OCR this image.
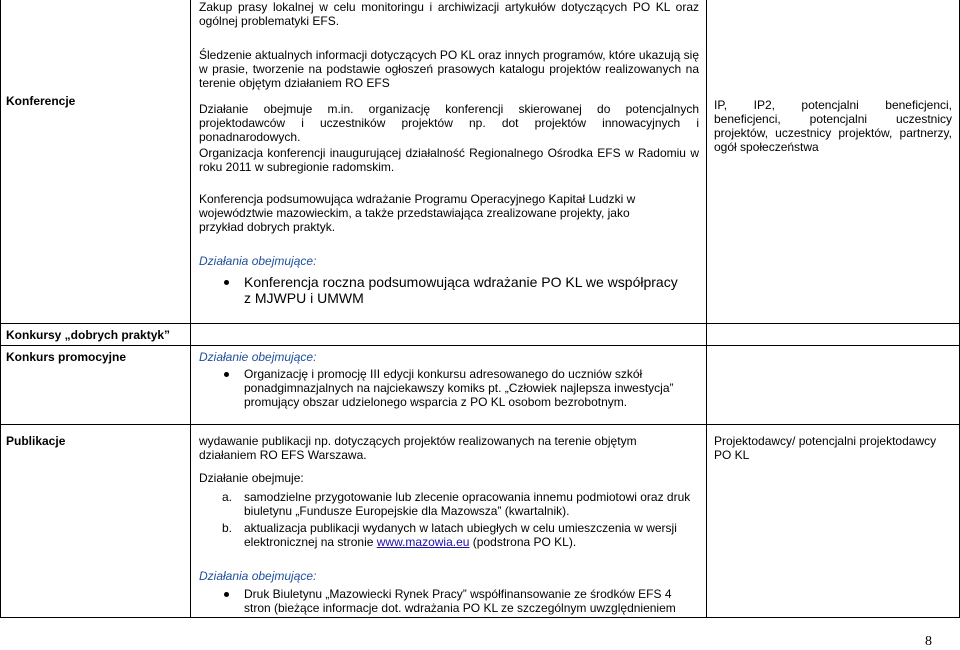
Konferencje

Zakup prasy lokalnej w celu monitoringu i archiwizacji artykułów dotyczących PO KL oraz ogólnej problematyki EFS.

Śledzenie aktualnych informacji dotyczących PO KL oraz innych programów, które ukazują się w prasie, tworzenie na podstawie ogłoszeń prasowych katalogu projektów realizowanych na terenie objętym działaniem RO EFS

Działanie obejmuje m.in. organizację konferencji skierowanej do potencjalnych projektodawców i uczestników projektów np. dot projektów innowacyjnych i ponadnarodowych.

Organizacja konferencji inaugurującej działalność Regionalnego Ośrodka EFS w Radomiu w roku 2011 w subregionie radomskim.

Konferencja podsumowująca wdrażanie Programu Operacyjnego Kapitał Ludzki w województwie mazowieckim, a także przedstawiająca zrealizowane projekty, jako przykład dobrych praktyk.

Działania obejmujące:

Konferencja roczna podsumowująca wdrażanie PO KL we współpracy z MJWPU i UMWM

IP, IP2, potencjalni beneficjenci, beneficjenci, potencjalni uczestnicy projektów, uczestnicy projektów, partnerzy, ogół społeczeństwa

Konkursy „dobrych praktyk”

Konkurs promocyjne	Działanie obejmujące:

Organizację i promocję III edycji konkursu adresowanego do uczniów szkół ponadgimnazjalnych na najciekawszy komiks pt. „Człowiek najlepsza inwestycja” promujący obszar udzielonego wsparcia z PO KL osobom bezrobotnym.

Publikacje	wydawanie publikacji np. dotyczących projektów realizowanych na terenie objętym działaniem RO EFS Warszawa.

Działanie obejmuje:

a. samodzielne przygotowanie lub zlecenie opracowania innemu podmiotowi oraz druk biuletynu „Fundusze Europejskie dla Mazowsza” (kwartalnik).

b. aktualizacja publikacji wydanych w latach ubiegłych w celu umieszczenia w wersji elektronicznej na stronie www.mazowia.eu (podstrona PO KL).

Działania obejmujące:

Druk Biuletynu „Mazowiecki Rynek Pracy” współfinansowanie ze środków EFS 4 stron (bieżące informacje dot. wdrażania PO KL ze szczególnym uwzględnieniem

Projektodawcy/ potencjalni projektodawcy PO KL

8
